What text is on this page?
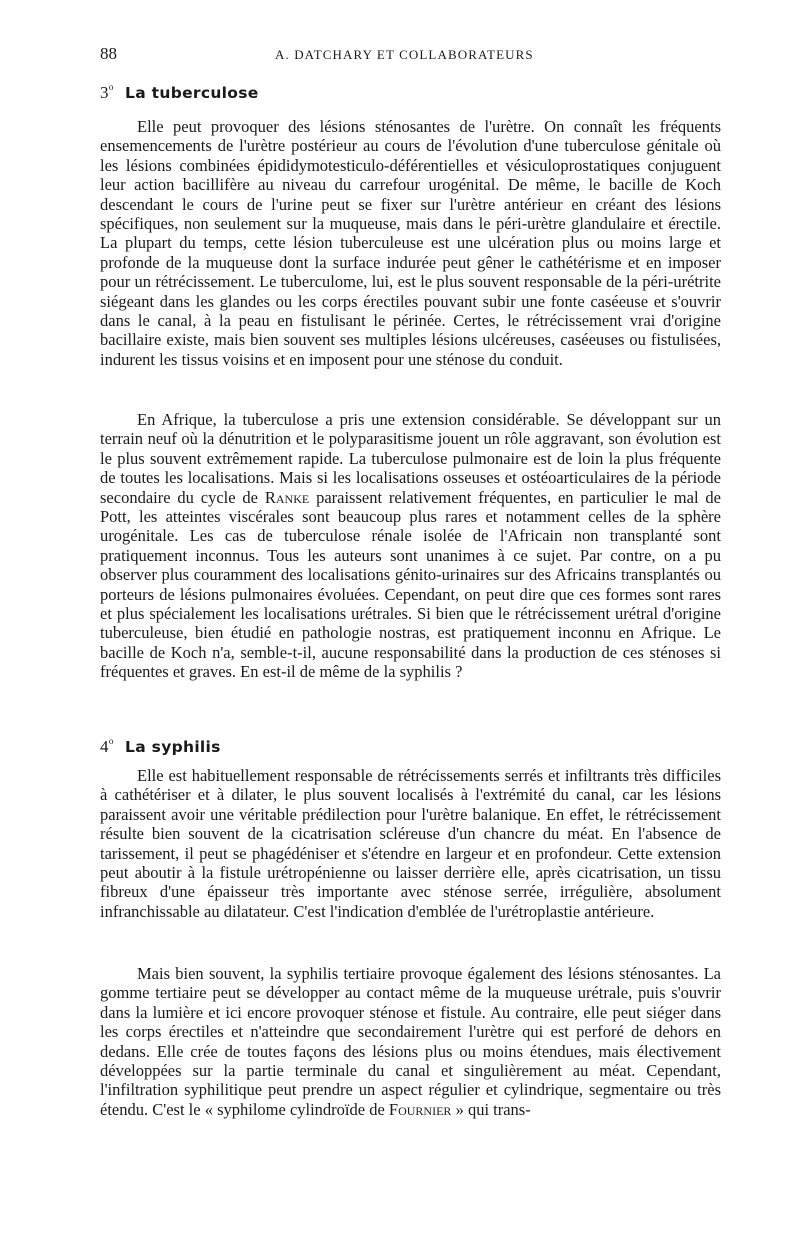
88	A. DATCHARY ET COLLABORATEURS
3$^o$ La tuberculose

Elle peut provoquer des lésions sténosantes de l'urètre. On connaît les fréquents ensemencements de l'urètre postérieur au cours de l'évolution d'une tuberculose génitale où les lésions combinées épididymotesticulo-déférentielles et vésiculoprostatiques conjuguent leur action bacillifère au niveau du carrefour urogénital. De même, le bacille de Koch descendant le cours de l'urine peut se fixer sur l'urètre antérieur en créant des lésions spécifiques, non seulement sur la muqueuse, mais dans le péri-urètre glandulaire et érectile. La plupart du temps, cette lésion tuberculeuse est une ulcération plus ou moins large et profonde de la muqueuse dont la surface indurée peut gêner le cathétérisme et en imposer pour un rétrécissement. Le tuberculome, lui, est le plus souvent responsable de la péri-urétrite siégeant dans les glandes ou les corps érectiles pouvant subir une fonte caséeuse et s'ouvrir dans le canal, à la peau en fistulisant le périnée. Certes, le rétrécissement vrai d'origine bacillaire existe, mais bien souvent ses multiples lésions ulcéreuses, caséeuses ou fistulisées, indurent les tissus voisins et en imposent pour une sténose du conduit.

En Afrique, la tuberculose a pris une extension considérable. Se développant sur un terrain neuf où la dénutrition et le polyparasitisme jouent un rôle aggravant, son évolution est le plus souvent extrêmement rapide. La tuberculose pulmonaire est de loin la plus fréquente de toutes les localisations. Mais si les localisations osseuses et ostéoarticulaires de la période secondaire du cycle de Ranke paraissent relativement fréquentes, en particulier le mal de Pott, les atteintes viscérales sont beaucoup plus rares et notamment celles de la sphère urogénitale. Les cas de tuberculose rénale isolée de l'Africain non transplanté sont pratiquement inconnus. Tous les auteurs sont unanimes à ce sujet. Par contre, on a pu observer plus couramment des localisations génito-urinaires sur des Africains transplantés ou porteurs de lésions pulmonaires évoluées. Cependant, on peut dire que ces formes sont rares et plus spécialement les localisations urétrales. Si bien que le rétrécissement urétral d'origine tuberculeuse, bien étudié en pathologie nostras, est pratiquement inconnu en Afrique. Le bacille de Koch n'a, semble-t-il, aucune responsabilité dans la production de ces sténoses si fréquentes et graves. En est-il de même de la syphilis ?

4$^o$ La syphilis

Elle est habituellement responsable de rétrécissements serrés et infiltrants très difficiles à cathétériser et à dilater, le plus souvent localisés à l'extrémité du canal, car les lésions paraissent avoir une véritable prédilection pour l'urètre balanique. En effet, le rétrécissement résulte bien souvent de la cicatrisation scléreuse d'un chancre du méat. En l'absence de tarissement, il peut se phagédéniser et s'étendre en largeur et en profondeur. Cette extension peut aboutir à la fistule urétropénienne ou laisser derrière elle, après cicatrisation, un tissu fibreux d'une épaisseur très importante avec sténose serrée, irrégulière, absolument infranchissable au dilatateur. C'est l'indication d'emblée de l'urétroplastie antérieure.

Mais bien souvent, la syphilis tertiaire provoque également des lésions sténosantes. La gomme tertiaire peut se développer au contact même de la muqueuse urétrale, puis s'ouvrir dans la lumière et ici encore provoquer sténose et fistule. Au contraire, elle peut siéger dans les corps érectiles et n'atteindre que secondairement l'urètre qui est perforé de dehors en dedans. Elle crée de toutes façons des lésions plus ou moins étendues, mais électivement développées sur la partie terminale du canal et singulièrement au méat. Cependant, l'infiltration syphilitique peut prendre un aspect régulier et cylindrique, segmentaire ou très étendu. C'est le « syphilome cylindroïde de Fournier » qui trans-
